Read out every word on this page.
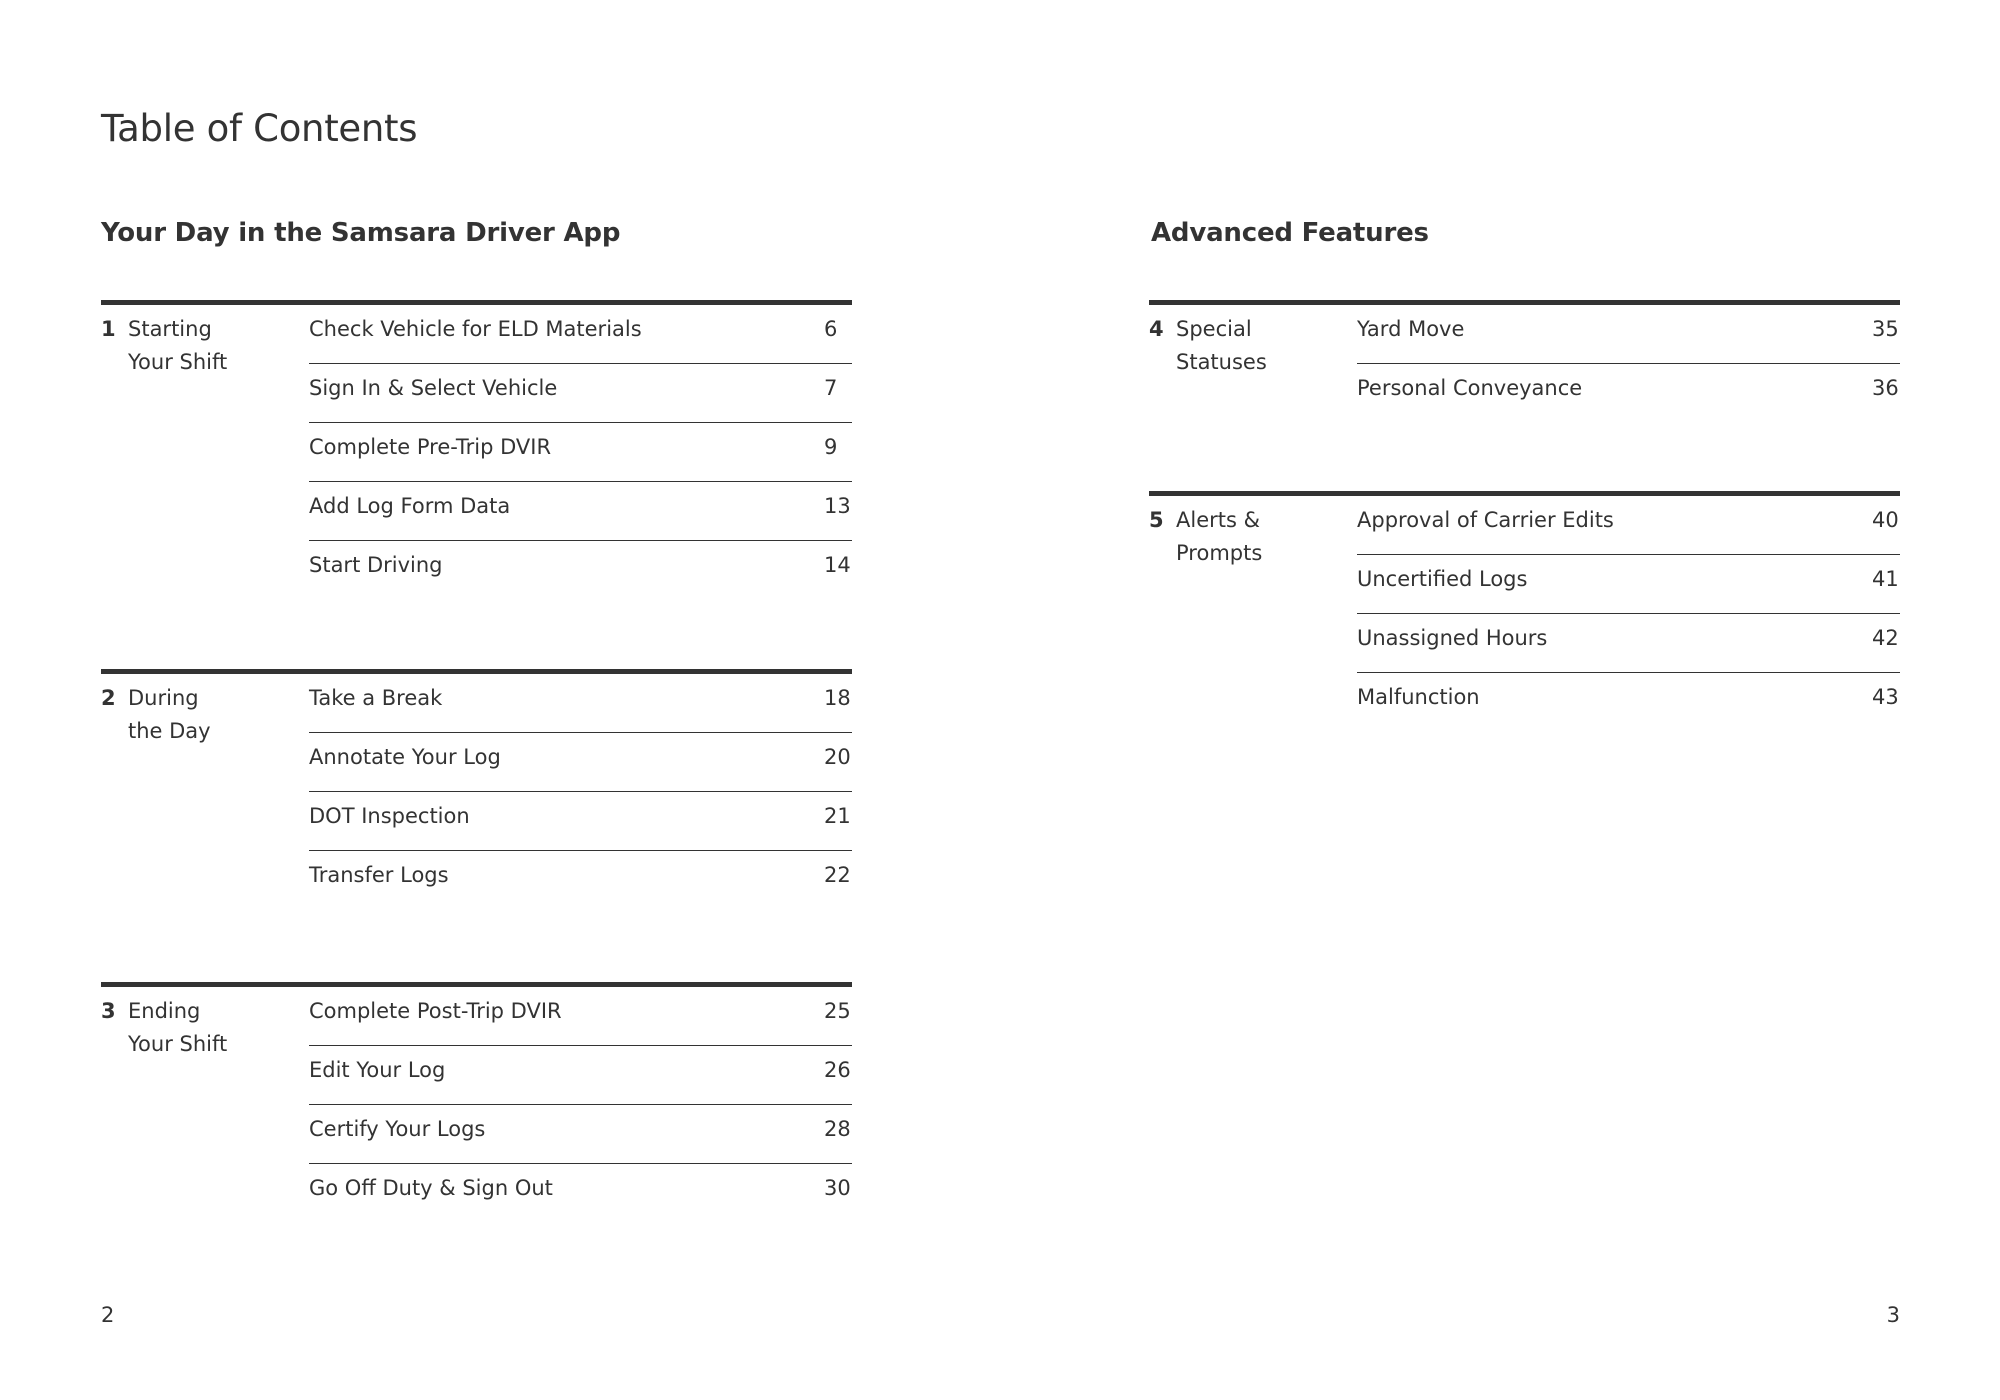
Table of Contents
Your Day in the Samsara Driver App
1 Starting
Your Shift
Check Vehicle for ELD Materials	6
Sign In & Select Vehicle	7
Complete Pre-Trip DVIR	9
Add Log Form Data	13
Start Driving	14
2 During
the Day
Take a Break	18
Annotate Your Log	20
DOT Inspection	21
Transfer Logs	22
3 Ending
Your Shift
Complete Post-Trip DVIR	25
Edit Your Log	26
Certify Your Logs	28
Go Off Duty & Sign Out	30
Advanced Features
4 Special
Statuses
Yard Move	35
Personal Conveyance	36
5 Alerts &
Prompts
Approval of Carrier Edits	40
Uncertified Logs	41
Unassigned Hours	42
Malfunction	43
2	3
